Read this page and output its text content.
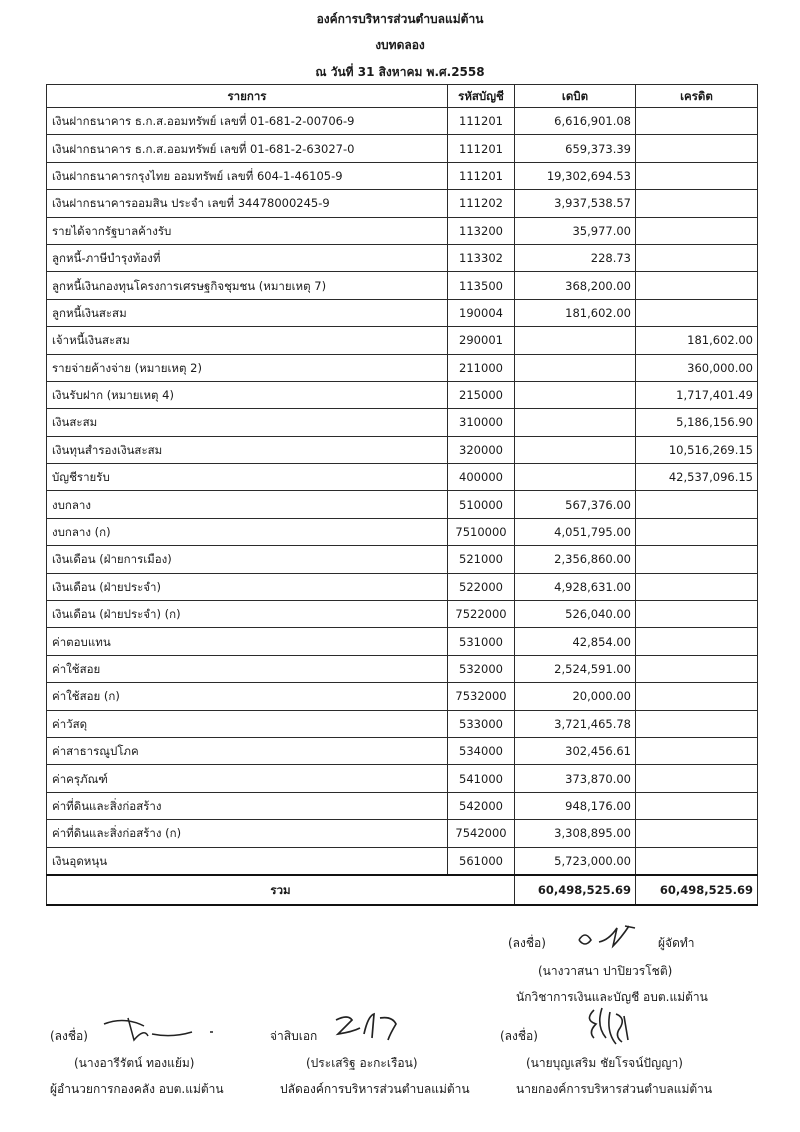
องค์การบริหารส่วนตำบลแม่ต้าน
งบทดลอง
ณ วันที่ 31 สิงหาคม พ.ศ.2558
รายการ	รหัสบัญชี	เดบิต	เครดิต
เงินฝากธนาคาร ธ.ก.ส.ออมทรัพย์ เลขที่ 01-681-2-00706-9	111201	6,616,901.08	
เงินฝากธนาคาร ธ.ก.ส.ออมทรัพย์ เลขที่ 01-681-2-63027-0	111201	659,373.39	
เงินฝากธนาคารกรุงไทย ออมทรัพย์ เลขที่ 604-1-46105-9	111201	19,302,694.53	
เงินฝากธนาคารออมสิน ประจำ เลขที่ 34478000245-9	111202	3,937,538.57	
รายได้จากรัฐบาลค้างรับ	113200	35,977.00	
ลูกหนี้-ภาษีบำรุงท้องที่	113302	228.73	
ลูกหนี้เงินกองทุนโครงการเศรษฐกิจชุมชน (หมายเหตุ 7)	113500	368,200.00	
ลูกหนี้เงินสะสม	190004	181,602.00	
เจ้าหนี้เงินสะสม	290001		181,602.00
รายจ่ายค้างจ่าย (หมายเหตุ 2)	211000		360,000.00
เงินรับฝาก (หมายเหตุ 4)	215000		1,717,401.49
เงินสะสม	310000		5,186,156.90
เงินทุนสำรองเงินสะสม	320000		10,516,269.15
บัญชีรายรับ	400000		42,537,096.15
งบกลาง	510000	567,376.00	
งบกลาง (ก)	7510000	4,051,795.00	
เงินเดือน (ฝ่ายการเมือง)	521000	2,356,860.00	
เงินเดือน (ฝ่ายประจำ)	522000	4,928,631.00	
เงินเดือน (ฝ่ายประจำ) (ก)	7522000	526,040.00	
ค่าตอบแทน	531000	42,854.00	
ค่าใช้สอย	532000	2,524,591.00	
ค่าใช้สอย (ก)	7532000	20,000.00	
ค่าวัสดุ	533000	3,721,465.78	
ค่าสาธารณูปโภค	534000	302,456.61	
ค่าครุภัณฑ์	541000	373,870.00	
ค่าที่ดินและสิ่งก่อสร้าง	542000	948,176.00	
ค่าที่ดินและสิ่งก่อสร้าง (ก)	7542000	3,308,895.00	
เงินอุดหนุน	561000	5,723,000.00	
รวม		60,498,525.69	60,498,525.69
(ลงชื่อ)	ผู้จัดทำ
(นางวาสนา ปาปิยวรโชติ)
นักวิชาการเงินและบัญชี อบต.แม่ต้าน
(ลงชื่อ)
(นางอารีรัตน์ ทองแย้ม)
ผู้อำนวยการกองคลัง อบต.แม่ต้าน
จ่าสิบเอก
(ประเสริฐ อะกะเรือน)
ปลัดองค์การบริหารส่วนตำบลแม่ต้าน
(ลงชื่อ)
(นายบุญเสริม ชัยโรจน์ปัญญา)
นายกองค์การบริหารส่วนตำบลแม่ต้าน
